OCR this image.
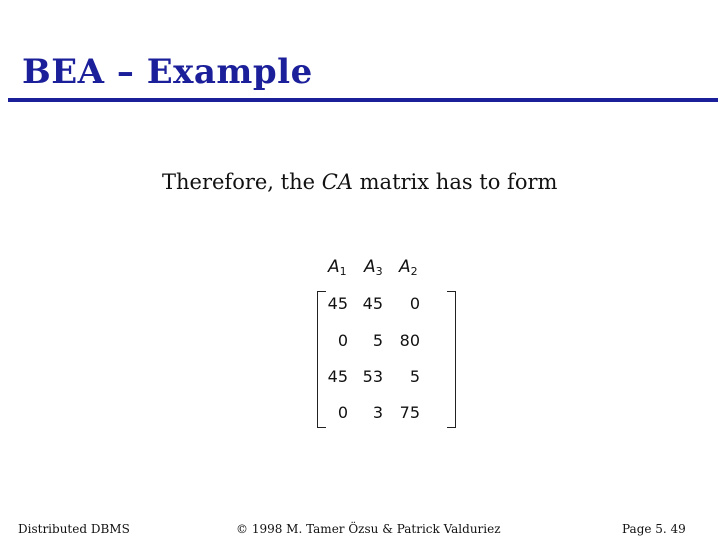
BEA – Example
Therefore, the CA matrix has to form
$A_1$ $A_3$ $A_2$
45 45	0
0	5	80
45 53	5
0	3	75
Distributed DBMS	© 1998 M. Tamer Özsu & Patrick Valduriez	Page 5. 49
